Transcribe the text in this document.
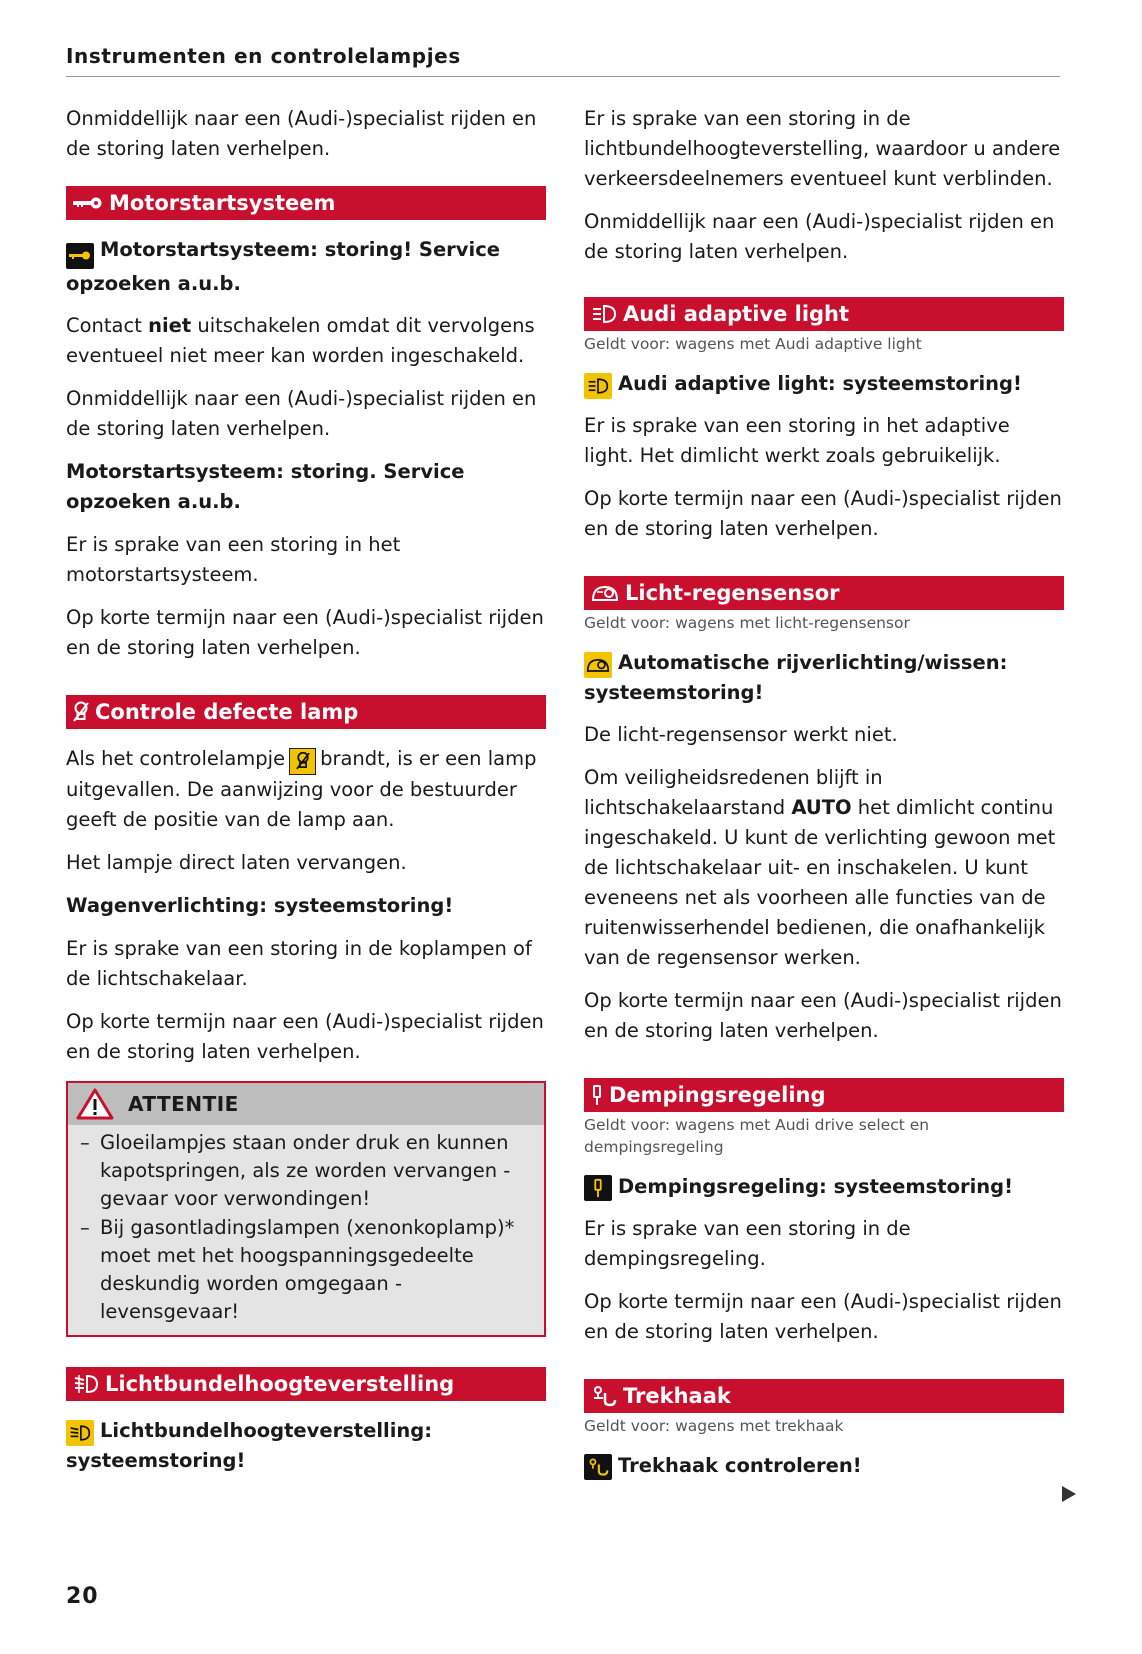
Instrumenten en controlelampjes

Onmiddellijk naar een (Audi-)specialist rijden en de storing laten verhelpen.

Motorstartsysteem
Motorstartsysteem: storing! Service opzoeken a.u.b.

Contact niet uitschakelen omdat dit vervolgens eventueel niet meer kan worden ingeschakeld.

Onmiddellijk naar een (Audi-)specialist rijden en de storing laten verhelpen.

Motorstartsysteem: storing. Service opzoeken a.u.b.

Er is sprake van een storing in het motorstartsysteem.

Op korte termijn naar een (Audi-)specialist rijden en de storing laten verhelpen.

Controle defecte lamp

Als het controlelampje brandt, is er een lamp uitgevallen. De aanwijzing voor de bestuurder geeft de positie van de lamp aan.

Het lampje direct laten vervangen.

Wagenverlichting: systeemstoring!

Er is sprake van een storing in de koplampen of de lichtschakelaar.

Op korte termijn naar een (Audi-)specialist rijden en de storing laten verhelpen.

ATTENTIE
– Gloeilampjes staan onder druk en kunnen kapotspringen, als ze worden vervangen - gevaar voor verwondingen!
– Bij gasontladingslampen (xenonkoplamp)* moet met het hoogspanningsgedeelte deskundig worden omgegaan - levensgevaar!
Lichtbundelhoogteverstelling
Lichtbundelhoogteverstelling: systeemstoring!

Er is sprake van een storing in de lichtbundelhoogteverstelling, waardoor u andere verkeersdeelnemers eventueel kunt verblinden.

Onmiddellijk naar een (Audi-)specialist rijden en de storing laten verhelpen.

Audi adaptive light
Geldt voor: wagens met Audi adaptive light
Audi adaptive light: systeemstoring!

Er is sprake van een storing in het adaptive light. Het dimlicht werkt zoals gebruikelijk.

Op korte termijn naar een (Audi-)specialist rijden en de storing laten verhelpen.

Licht-regensensor
Geldt voor: wagens met licht-regensensor
Automatische rijverlichting/wissen: systeemstoring!

De licht-regensensor werkt niet.

Om veiligheidsredenen blijft in lichtschakelaarstand AUTO het dimlicht continu ingeschakeld. U kunt de verlichting gewoon met de lichtschakelaar uit- en inschakelen. U kunt eveneens net als voorheen alle functies van de ruitenwisserhendel bedienen, die onafhankelijk van de regensensor werken.

Op korte termijn naar een (Audi-)specialist rijden en de storing laten verhelpen.

Dempingsregeling
Geldt voor: wagens met Audi drive select en dempingsregeling
Dempingsregeling: systeemstoring!

Er is sprake van een storing in de dempingsregeling.

Op korte termijn naar een (Audi-)specialist rijden en de storing laten verhelpen.

Trekhaak
Geldt voor: wagens met trekhaak
Trekhaak controleren!
20
